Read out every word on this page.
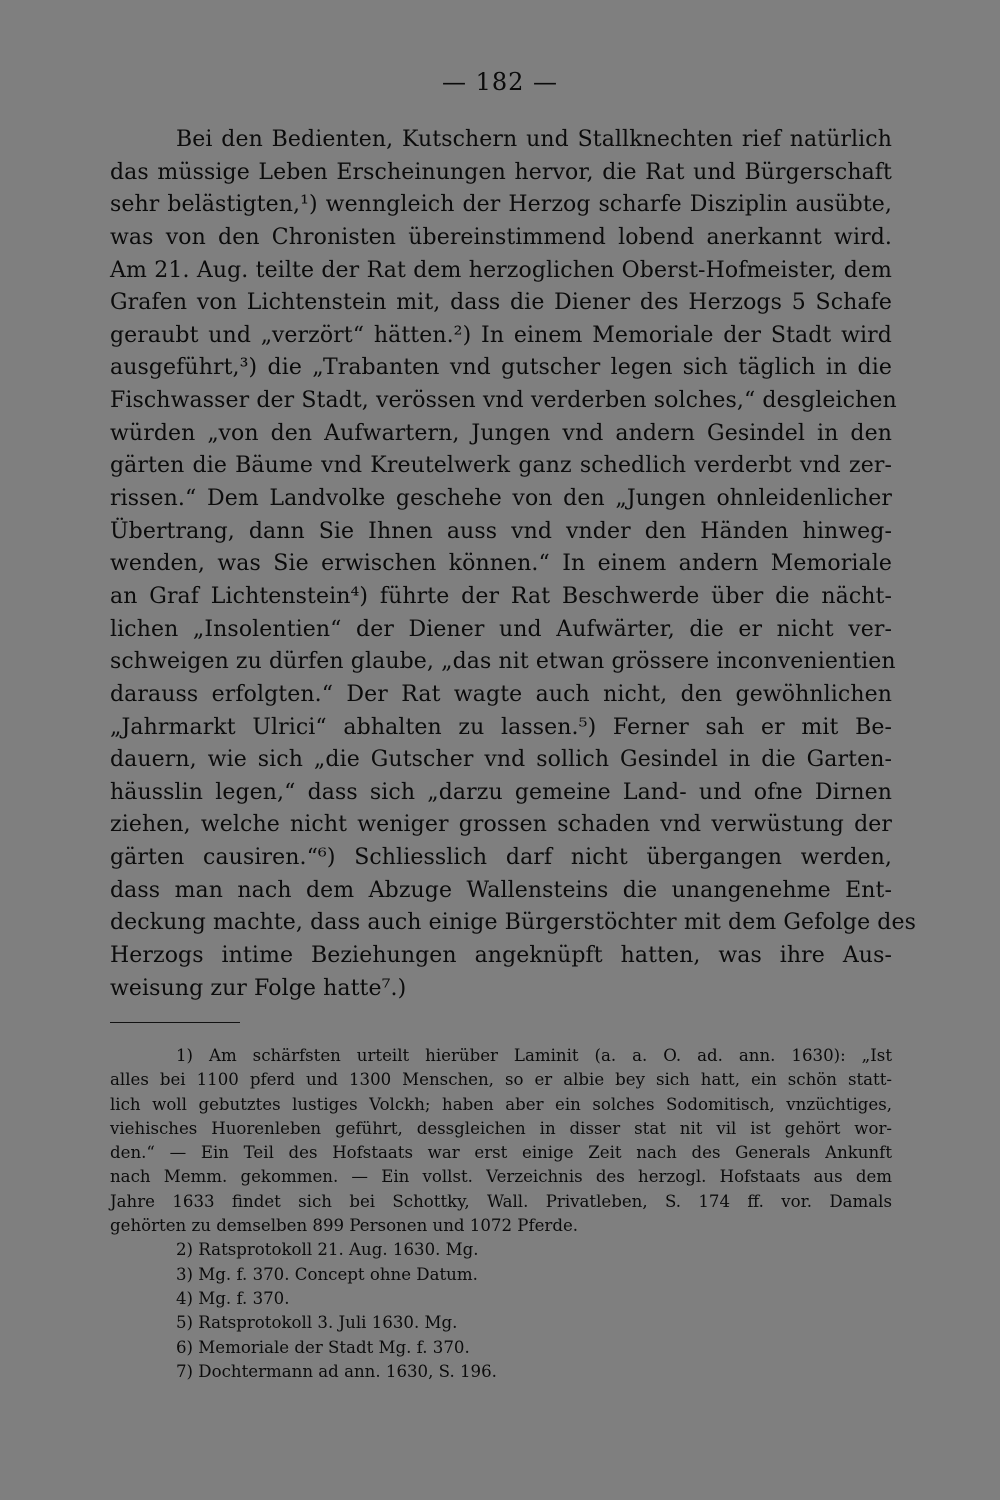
— 182 —
Bei den Bedienten, Kutschern und Stallknechten rief natürlich
das müssige Leben Erscheinungen hervor, die Rat und Bürgerschaft
sehr belästigten,¹) wenngleich der Herzog scharfe Disziplin ausübte,
was von den Chronisten übereinstimmend lobend anerkannt wird.
Am 21. Aug. teilte der Rat dem herzoglichen Oberst-Hofmeister, dem
Grafen von Lichtenstein mit, dass die Diener des Herzogs 5 Schafe
geraubt und „verzört“ hätten.²) In einem Memoriale der Stadt wird
ausgeführt,³) die „Trabanten vnd gutscher legen sich täglich in die
Fischwasser der Stadt, verössen vnd verderben solches,“ desgleichen
würden „von den Aufwartern, Jungen vnd andern Gesindel in den
gärten die Bäume vnd Kreutelwerk ganz schedlich verderbt vnd zer-
rissen.“ Dem Landvolke geschehe von den „Jungen ohnleidenlicher
Übertrang, dann Sie Ihnen auss vnd vnder den Händen hinweg-
wenden, was Sie erwischen können.“ In einem andern Memoriale
an Graf Lichtenstein⁴) führte der Rat Beschwerde über die nächt-
lichen „Insolentien“ der Diener und Aufwärter, die er nicht ver-
schweigen zu dürfen glaube, „das nit etwan grössere inconvenientien
darauss erfolgten.“ Der Rat wagte auch nicht, den gewöhnlichen
„Jahrmarkt Ulrici“ abhalten zu lassen.⁵) Ferner sah er mit Be-
dauern, wie sich „die Gutscher vnd sollich Gesindel in die Garten-
häusslin legen,“ dass sich „darzu gemeine Land- und ofne Dirnen
ziehen, welche nicht weniger grossen schaden vnd verwüstung der
gärten causiren.“⁶) Schliesslich darf nicht übergangen werden,
dass man nach dem Abzuge Wallensteins die unangenehme Ent-
deckung machte, dass auch einige Bürgerstöchter mit dem Gefolge des
Herzogs intime Beziehungen angeknüpft hatten, was ihre Aus-
weisung zur Folge hatte⁷.)
1) Am schärfsten urteilt hierüber Laminit (a. a. O. ad. ann. 1630): „Ist
alles bei 1100 pferd und 1300 Menschen, so er albie bey sich hatt, ein schön statt-
lich woll gebutztes lustiges Volckh; haben aber ein solches Sodomitisch, vnzüchtiges,
viehisches Huorenleben geführt, dessgleichen in disser stat nit vil ist gehört wor-
den.“ — Ein Teil des Hofstaats war erst einige Zeit nach des Generals Ankunft
nach Memm. gekommen. — Ein vollst. Verzeichnis des herzogl. Hofstaats aus dem
Jahre 1633 findet sich bei Schottky, Wall. Privatleben, S. 174 ff. vor. Damals
gehörten zu demselben 899 Personen und 1072 Pferde.
2) Ratsprotokoll 21. Aug. 1630. Mg.
3) Mg. f. 370. Concept ohne Datum.
4) Mg. f. 370.
5) Ratsprotokoll 3. Juli 1630. Mg.
6) Memoriale der Stadt Mg. f. 370.
7) Dochtermann ad ann. 1630, S. 196.
